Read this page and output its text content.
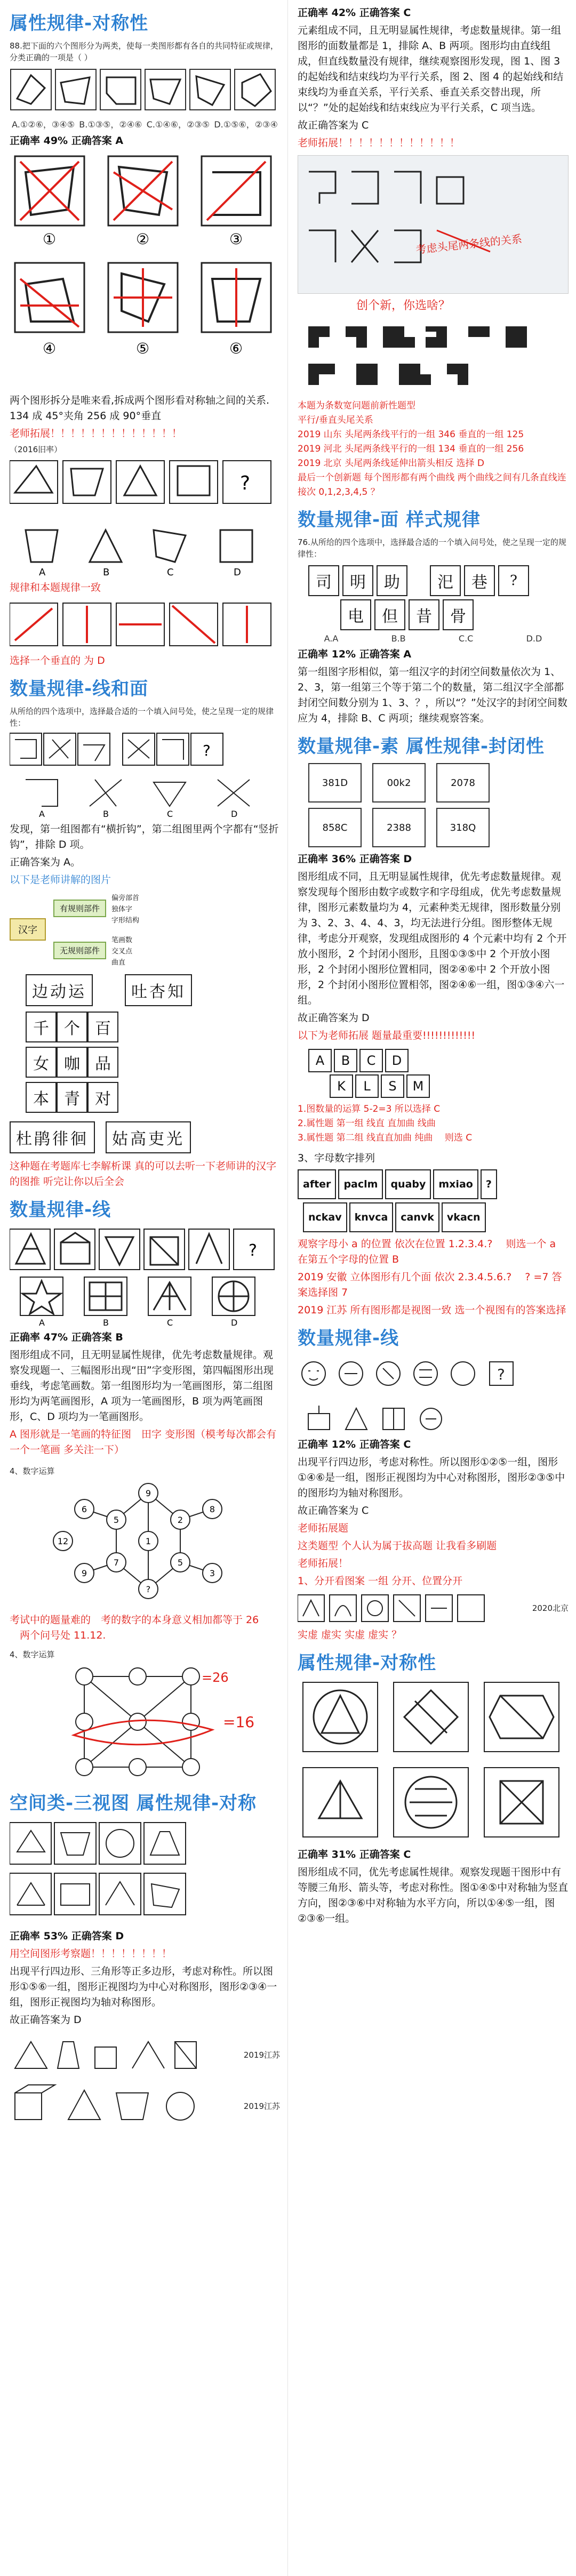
属性规律-对称性
88.把下面的六个图形分为两类，使每一类图形都有各自的共同特征或规律，分类正确的一项是（ ）
A.①②⑥，③④⑤ B.①③⑤，②④⑥ C.①④⑥，②③⑤ D.①⑤⑥，②③④
正确率 49% 正确答案 A
①	②	③
④	⑤	⑥
两个图形拆分是唯来看,拆成两个图形看对称轴之间的关系. 134 成 45°夹角 256 成 90°垂直
老师拓展！！！！！！！！！！！！！
（2016旧率）
?
A	B	C	D
规律和本题规律一致
选择一个垂直的 为 D
数量规律-线和面
从所给的四个选项中，选择最合适的一个填入问号处，使之呈现一定的规律性：
?
A	B	C	D
发现，第一组图都有“横折钩”，第二组图里两个字都有“竖折钩”，排除 D 项。
正确答案为 A。
以下是老师讲解的图片
汉字
有规则部件
偏旁部首
独体字
字形结构
无规则部件
笔画数
交叉点
曲直
边动运	吐杏知
千 个 百
女 咖 品
本 青 对
杜鹃徘徊	姑高吏光
这种题在考题库七李解析课 真的可以去听一下老师讲的汉字的图推 听完让你以后全会
数量规律-线
?
A	B	C	D
正确率 47% 正确答案 B
图形组成不同，且无明显属性规律，优先考虑数量规律。观察发现题一、三幅图形出现“田”字变形图，第四幅图形出现垂线，考虑笔画数。第一组图形均为一笔画图形，第二组图形均为两笔画图形，A 项为一笔画图形，B 项为两笔画图形，C、D 项均为一笔画图形。
A 图形就是一笔画的特征图　田字 变形图（模考每次都会有一个一笔画 多关注一下）
4、数字运算
9
5	2
7	5
?
6	8
9	3
1
12
考试中的题量难的　考的数字的本身意义相加都等于 26 　两个问号处 11.12.
4、数字运算
=26
=16
空间类-三视图 属性规律-对称
正确率 53% 正确答案 D
用空间图形考察题！！！！！！！！
出现平行四边形、三角形等正多边形，考虑对称性。所以图形①⑤⑥一组，图形正视图均为中心对称图形，图形②③④一组，图形正视图均为轴对称图形。
故正确答案为 D
2019江苏
2019江苏
正确率 42% 正确答案 C
元素组成不同，且无明显属性规律，考虑数量规律。第一组图形的面数量都是 1，排除 A、B 两项。图形均由直线组成，但直线数量没有规律，继续观察图形发现，图 1、图 3 的起始线和结束线均为平行关系，图 2、图 4 的起始线和结束线均为垂直关系，平行关系、垂直关系交替出现，所以“？”处的起始线和结束线应为平行关系，C 项当选。
故正确答案为 C
老师拓展！！！！！！！！！！！！
考虑头尾两条线的关系
创个新，你选啥？
本题为条数宽问题前新性题型
平行/垂直头尾关系
2019 山东 头尾两条线平行的一组 346 垂直的一组 125
2019 河北 头尾两条线平行的一组 134 垂直的一组 256
2019 北京 头尾两条线延伸出箭头相反 选择 D
最后一个创新题 每个图形都有两个曲线 两个曲线之间有几条直线连接次 0,1,2,3,4,5 ？
数量规律-面 样式规律
76.从所给的四个选项中，选择最合适的一个填入问号处，使之呈现一定的规律性：
司	明	助	汜	巷	?
电	但	昔	骨
A.A	B.B	C.C	D.D
正确率 12% 正确答案 A
第一组图字形相似，第一组汉字的封闭空间数量依次为 1、2、3，第一组第三个等于第二个的数量，第二组汉字全部都封闭空间数分别为 1、3、？，所以“？”处汉字的封闭空间数应为 4，排除 B、C 两项；继续观察答案。
数量规律-素 属性规律-封闭性
381D	00k2	2078
858C	2388	318Q
正确率 36% 正确答案 D
图形组成不同，且无明显属性规律，优先考虑数量规律。观察发现每个图形由数字或数字和字母组成，优先考虑数量规律，图形元素数量均为 4，元素种类无规律，图形数量分别为 3、2、3、4、4、3，均无法进行分组。图形整体无规律，考虑分开观察，发现组成图形的 4 个元素中均有 2 个开放小图形，2 个封闭小图形，且图①③⑤中 2 个开放小图形，2 个封闭小图形位置相同，图②④⑥中 2 个开放小图形，2 个封闭小图形位置相邻，图②④⑥一组，图①③④六一组。
故正确答案为 D
以下为老师拓展 题量最重要!!!!!!!!!!!!!
A	B	C	D
K	L	S	M
1.图数量的运算 5-2=3 所以选择 C
2.属性题 第一组 线直 直加曲 线曲
3.属性题 第二组 线直直加曲 纯曲 　则选 C
3、字母数字排列
after	paclm	quaby	mxiao	?
nckav	knvca	canvk	vkacn
观察字母小 a 的位置 依次在位置 1.2.3.4.? 　则选一个 a 在第五个字母的位置 B
2019 安徽 立体图形有几个面 依次 2.3.4.5.6.? 　? =7 答案选择图 7
2019 江苏 所有图形都是视图一致 选一个视图有的答案选择
数量规律-线
?
正确率 12% 正确答案 C
出现平行四边形，考虑对称性。所以图形①②⑤一组，图形①④⑥是一组，图形正视图均为中心对称图形，图形②③⑤中的图形均为轴对称图形。
故正确答案为 C
老师拓展题
这类题型 个人认为属于拔高题 让我看多刷题
老师拓展！
1、分开看图案 一组 分开、位置分开
2020北京
实虚 虚实 实虚 虚实 ？
属性规律-对称性
正确率 31% 正确答案 C
图形组成不同，优先考虑属性规律。观察发现题干图形中有等腰三角形、箭头等，考虑对称性。图①④⑤中对称轴为竖直方向，图②③⑥中对称轴为水平方向，所以①④⑤一组，图②③⑥一组。
